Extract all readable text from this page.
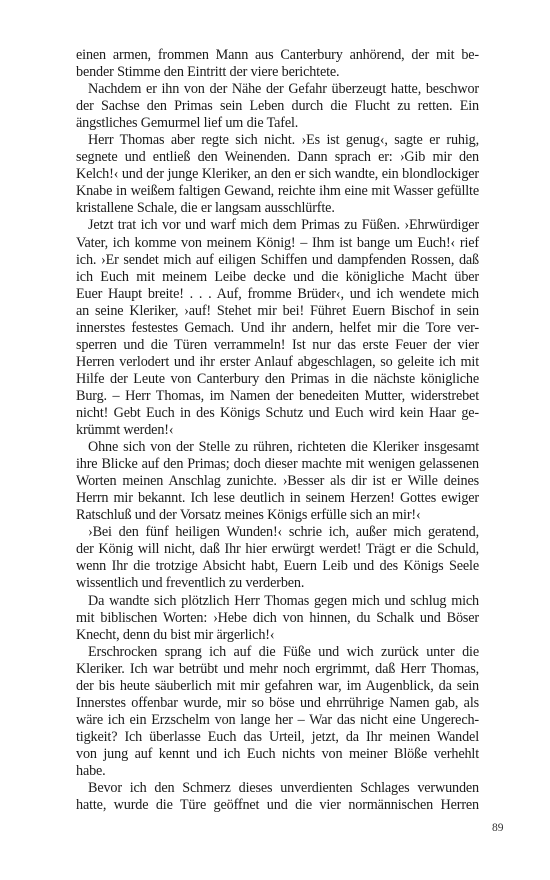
einen armen, frommen Mann aus Canterbury anhörend, der mit be-
bender Stimme den Eintritt der viere berichtete.
Nachdem er ihn von der Nähe der Gefahr überzeugt hatte, beschwor
der Sachse den Primas sein Leben durch die Flucht zu retten. Ein
ängstliches Gemurmel lief um die Tafel.
Herr Thomas aber regte sich nicht. ›Es ist genug‹, sagte er ruhig,
segnete und entließ den Weinenden. Dann sprach er: ›Gib mir den
Kelch!‹ und der junge Kleriker, an den er sich wandte, ein blondlockiger
Knabe in weißem faltigen Gewand, reichte ihm eine mit Wasser gefüllte
kristallene Schale, die er langsam ausschlürfte.
Jetzt trat ich vor und warf mich dem Primas zu Füßen. ›Ehrwürdiger
Vater, ich komme von meinem König! – Ihm ist bange um Euch!‹ rief
ich. ›Er sendet mich auf eiligen Schiffen und dampfenden Rossen, daß
ich Euch mit meinem Leibe decke und die königliche Macht über
Euer Haupt breite! . . . Auf, fromme Brüder‹, und ich wendete mich
an seine Kleriker, ›auf! Stehet mir bei! Führet Euern Bischof in sein
innerstes festestes Gemach. Und ihr andern, helfet mir die Tore ver-
sperren und die Türen verrammeln! Ist nur das erste Feuer der vier
Herren verlodert und ihr erster Anlauf abgeschlagen, so geleite ich mit
Hilfe der Leute von Canterbury den Primas in die nächste königliche
Burg. – Herr Thomas, im Namen der benedeiten Mutter, widerstrebet
nicht! Gebt Euch in des Königs Schutz und Euch wird kein Haar ge-
krümmt werden!‹
Ohne sich von der Stelle zu rühren, richteten die Kleriker insgesamt
ihre Blicke auf den Primas; doch dieser machte mit wenigen gelassenen
Worten meinen Anschlag zunichte. ›Besser als dir ist er Wille deines
Herrn mir bekannt. Ich lese deutlich in seinem Herzen! Gottes ewiger
Ratschluß und der Vorsatz meines Königs erfülle sich an mir!‹
›Bei den fünf heiligen Wunden!‹ schrie ich, außer mich geratend,
der König will nicht, daß Ihr hier erwürgt werdet! Trägt er die Schuld,
wenn Ihr die trotzige Absicht habt, Euern Leib und des Königs Seele
wissentlich und freventlich zu verderben.
Da wandte sich plötzlich Herr Thomas gegen mich und schlug mich
mit biblischen Worten: ›Hebe dich von hinnen, du Schalk und Böser
Knecht, denn du bist mir ärgerlich!‹
Erschrocken sprang ich auf die Füße und wich zurück unter die
Kleriker. Ich war betrübt und mehr noch ergrimmt, daß Herr Thomas,
der bis heute säuberlich mit mir gefahren war, im Augenblick, da sein
Innerstes offenbar wurde, mir so böse und ehrrührige Namen gab, als
wäre ich ein Erzschelm von lange her – War das nicht eine Ungerech-
tigkeit? Ich überlasse Euch das Urteil, jetzt, da Ihr meinen Wandel
von jung auf kennt und ich Euch nichts von meiner Blöße verhehlt
habe.
Bevor ich den Schmerz dieses unverdienten Schlages verwunden
hatte, wurde die Türe geöffnet und die vier normännischen Herren
89
